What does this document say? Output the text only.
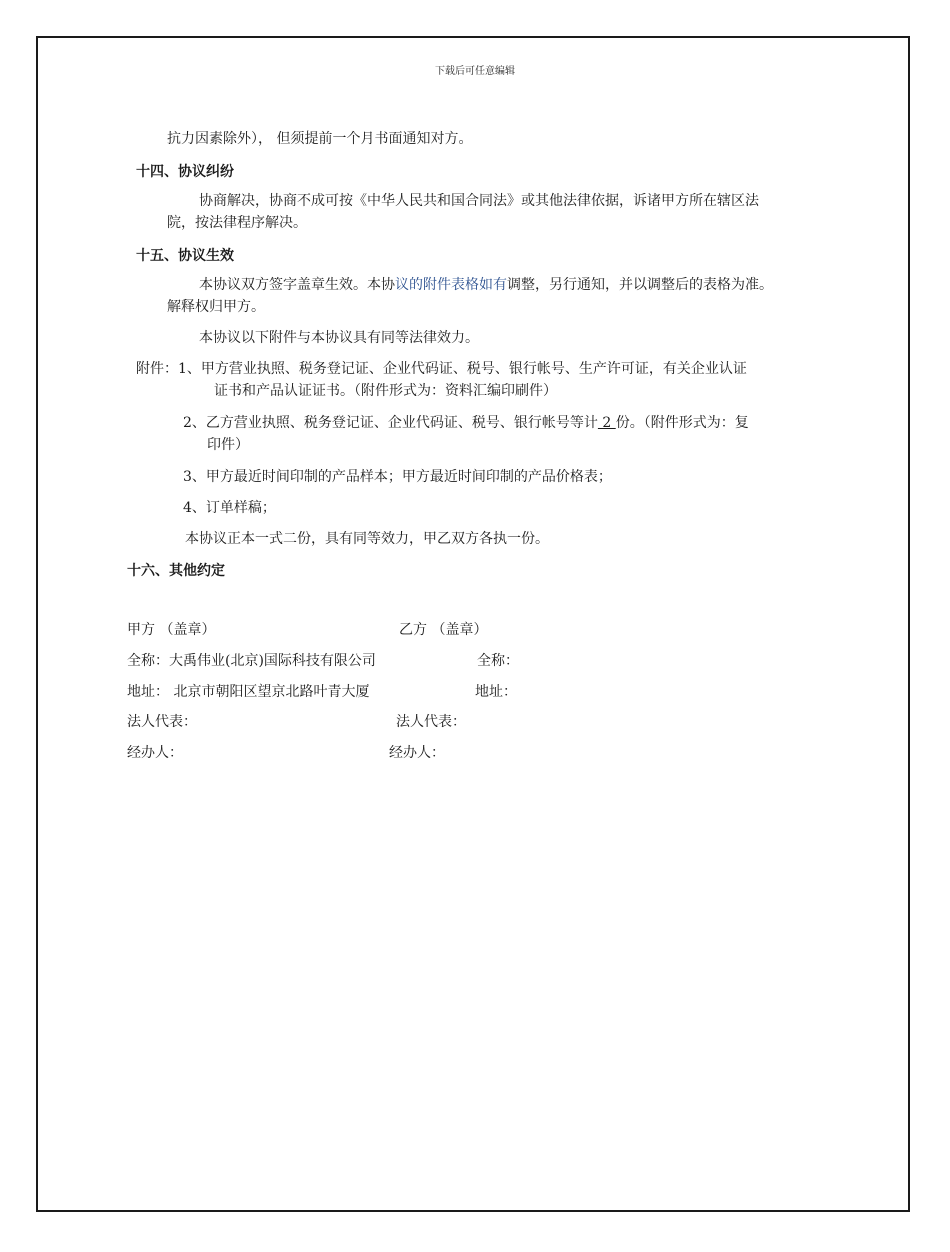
下载后可任意编辑
抗力因素除外）， 但须提前一个月书面通知对方。
十四、协议纠纷
协商解决，协商不成可按《中华人民共和国合同法》或其他法律依据，诉诸甲方所在辖区法
院，按法律程序解决。
十五、协议生效
本协议双方签字盖章生效。本协议的附件表格如有调整，另行通知，并以调整后的表格为准。
解释权归甲方。
本协议以下附件与本协议具有同等法律效力。
附件：1、甲方营业执照、税务登记证、企业代码证、税号、银行帐号、生产许可证，有关企业认证
证书和产品认证证书。（附件形式为：资料汇编印刷件）
2、乙方营业执照、税务登记证、企业代码证、税号、银行帐号等计 2 份。（附件形式为：复
印件）
3、甲方最近时间印制的产品样本；甲方最近时间印制的产品价格表；
4、订单样稿；
本协议正本一式二份，具有同等效力，甲乙双方各执一份。
十六、其他约定
甲方 （盖章）	乙方 （盖章）
全称：大禹伟业(北京)国际科技有限公司	全称：
地址： 北京市朝阳区望京北路叶青大厦	地址：
法人代表：	法人代表：
经办人：	经办人：
